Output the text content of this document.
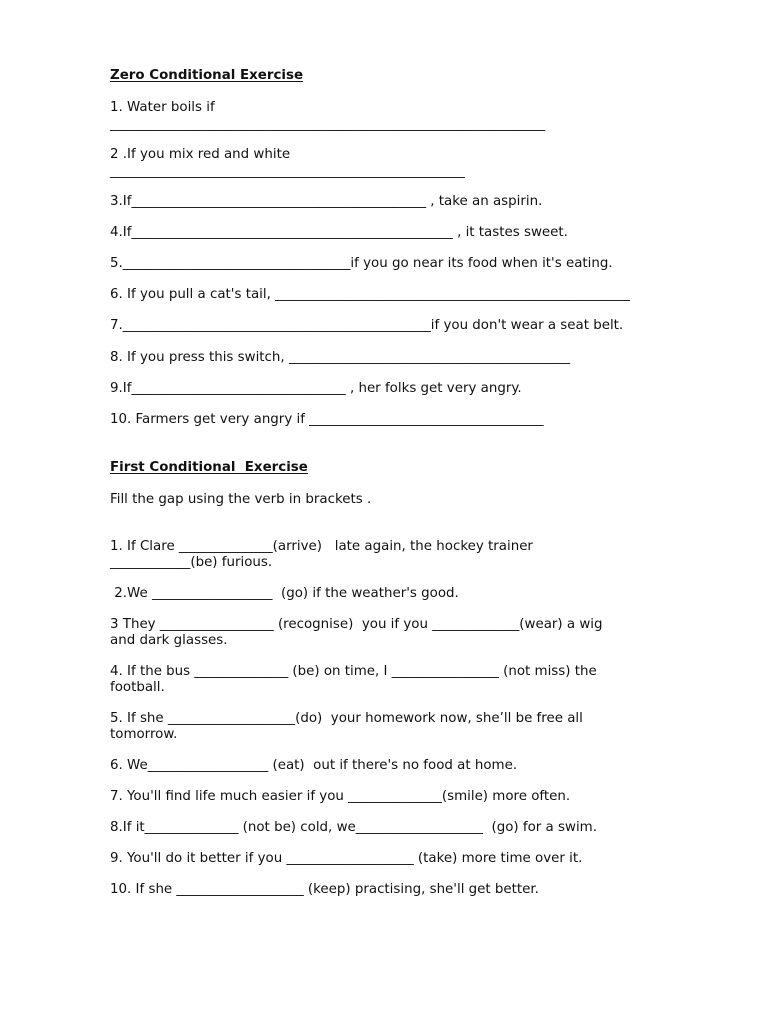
Zero Conditional Exercise

1. Water boils if

_________________________________________________________________

2 .If you mix red and white

_____________________________________________________

3.If____________________________________________ , take an aspirin.

4.If________________________________________________ , it tastes sweet.

5.__________________________________if you go near its food when it's eating.

6. If you pull a cat's tail, _____________________________________________________

7.______________________________________________if you don't wear a seat belt.

8. If you press this switch, __________________________________________

9.If________________________________ , her folks get very angry.

10. Farmers get very angry if ___________________________________

First Conditional  Exercise

Fill the gap using the verb in brackets .

1. If Clare ______________(arrive)   late again, the hockey trainer

____________(be) furious.

2.We __________________  (go) if the weather's good.

3 They _________________ (recognise)  you if you _____________(wear) a wig

and dark glasses.

4. If the bus ______________ (be) on time, I ________________ (not miss) the

football.

5. If she ___________________(do)  your homework now, she’ll be free all

tomorrow.

6. We__________________ (eat)  out if there's no food at home.

7. You'll find life much easier if you ______________(smile) more often.

8.If it______________ (not be) cold, we___________________  (go) for a swim.

9. You'll do it better if you ___________________ (take) more time over it.

10. If she ___________________ (keep) practising, she'll get better.
